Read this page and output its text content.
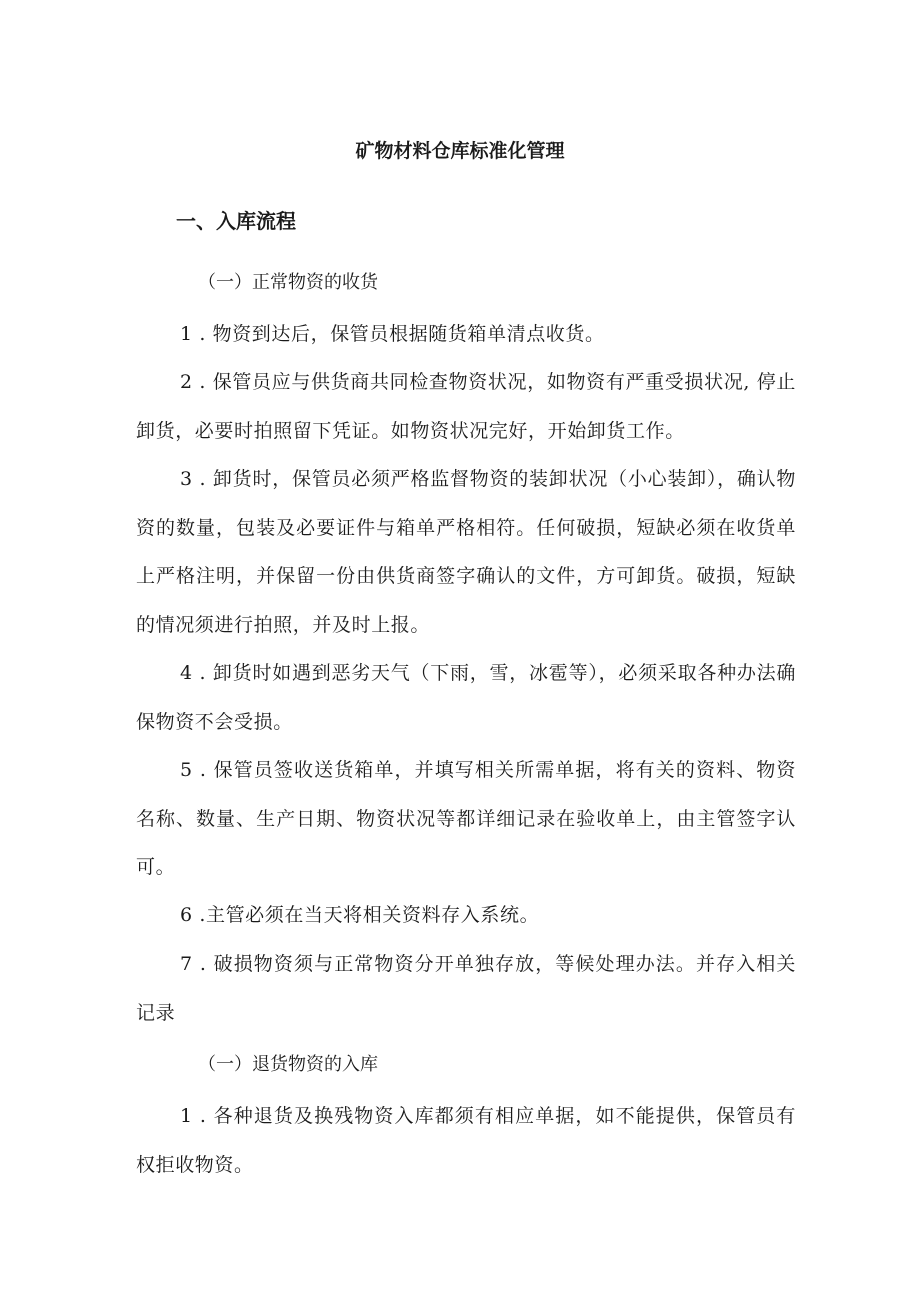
矿物材料仓库标准化管理
一、入库流程
（一）正常物资的收货
1 . 物资到达后，保管员根据随货箱单清点收货。
2 . 保管员应与供货商共同检查物资状况，如物资有严重受损状况, 停止卸货，必要时拍照留下凭证。如物资状况完好，开始卸货工作。
3 . 卸货时，保管员必须严格监督物资的装卸状况（小心装卸），确认物资的数量，包装及必要证件与箱单严格相符。任何破损，短缺必须在收货单上严格注明，并保留一份由供货商签字确认的文件，方可卸货。破损，短缺的情况须进行拍照，并及时上报。
4 . 卸货时如遇到恶劣天气（下雨，雪，冰雹等），必须采取各种办法确保物资不会受损。
5 . 保管员签收送货箱单，并填写相关所需单据，将有关的资料、物资名称、数量、生产日期、物资状况等都详细记录在验收单上，由主管签字认可。
6 .主管必须在当天将相关资料存入系统。
7 . 破损物资须与正常物资分开单独存放，等候处理办法。并存入相关记录
（一）退货物资的入库
1 . 各种退货及换残物资入库都须有相应单据，如不能提供，保管员有权拒收物资。
